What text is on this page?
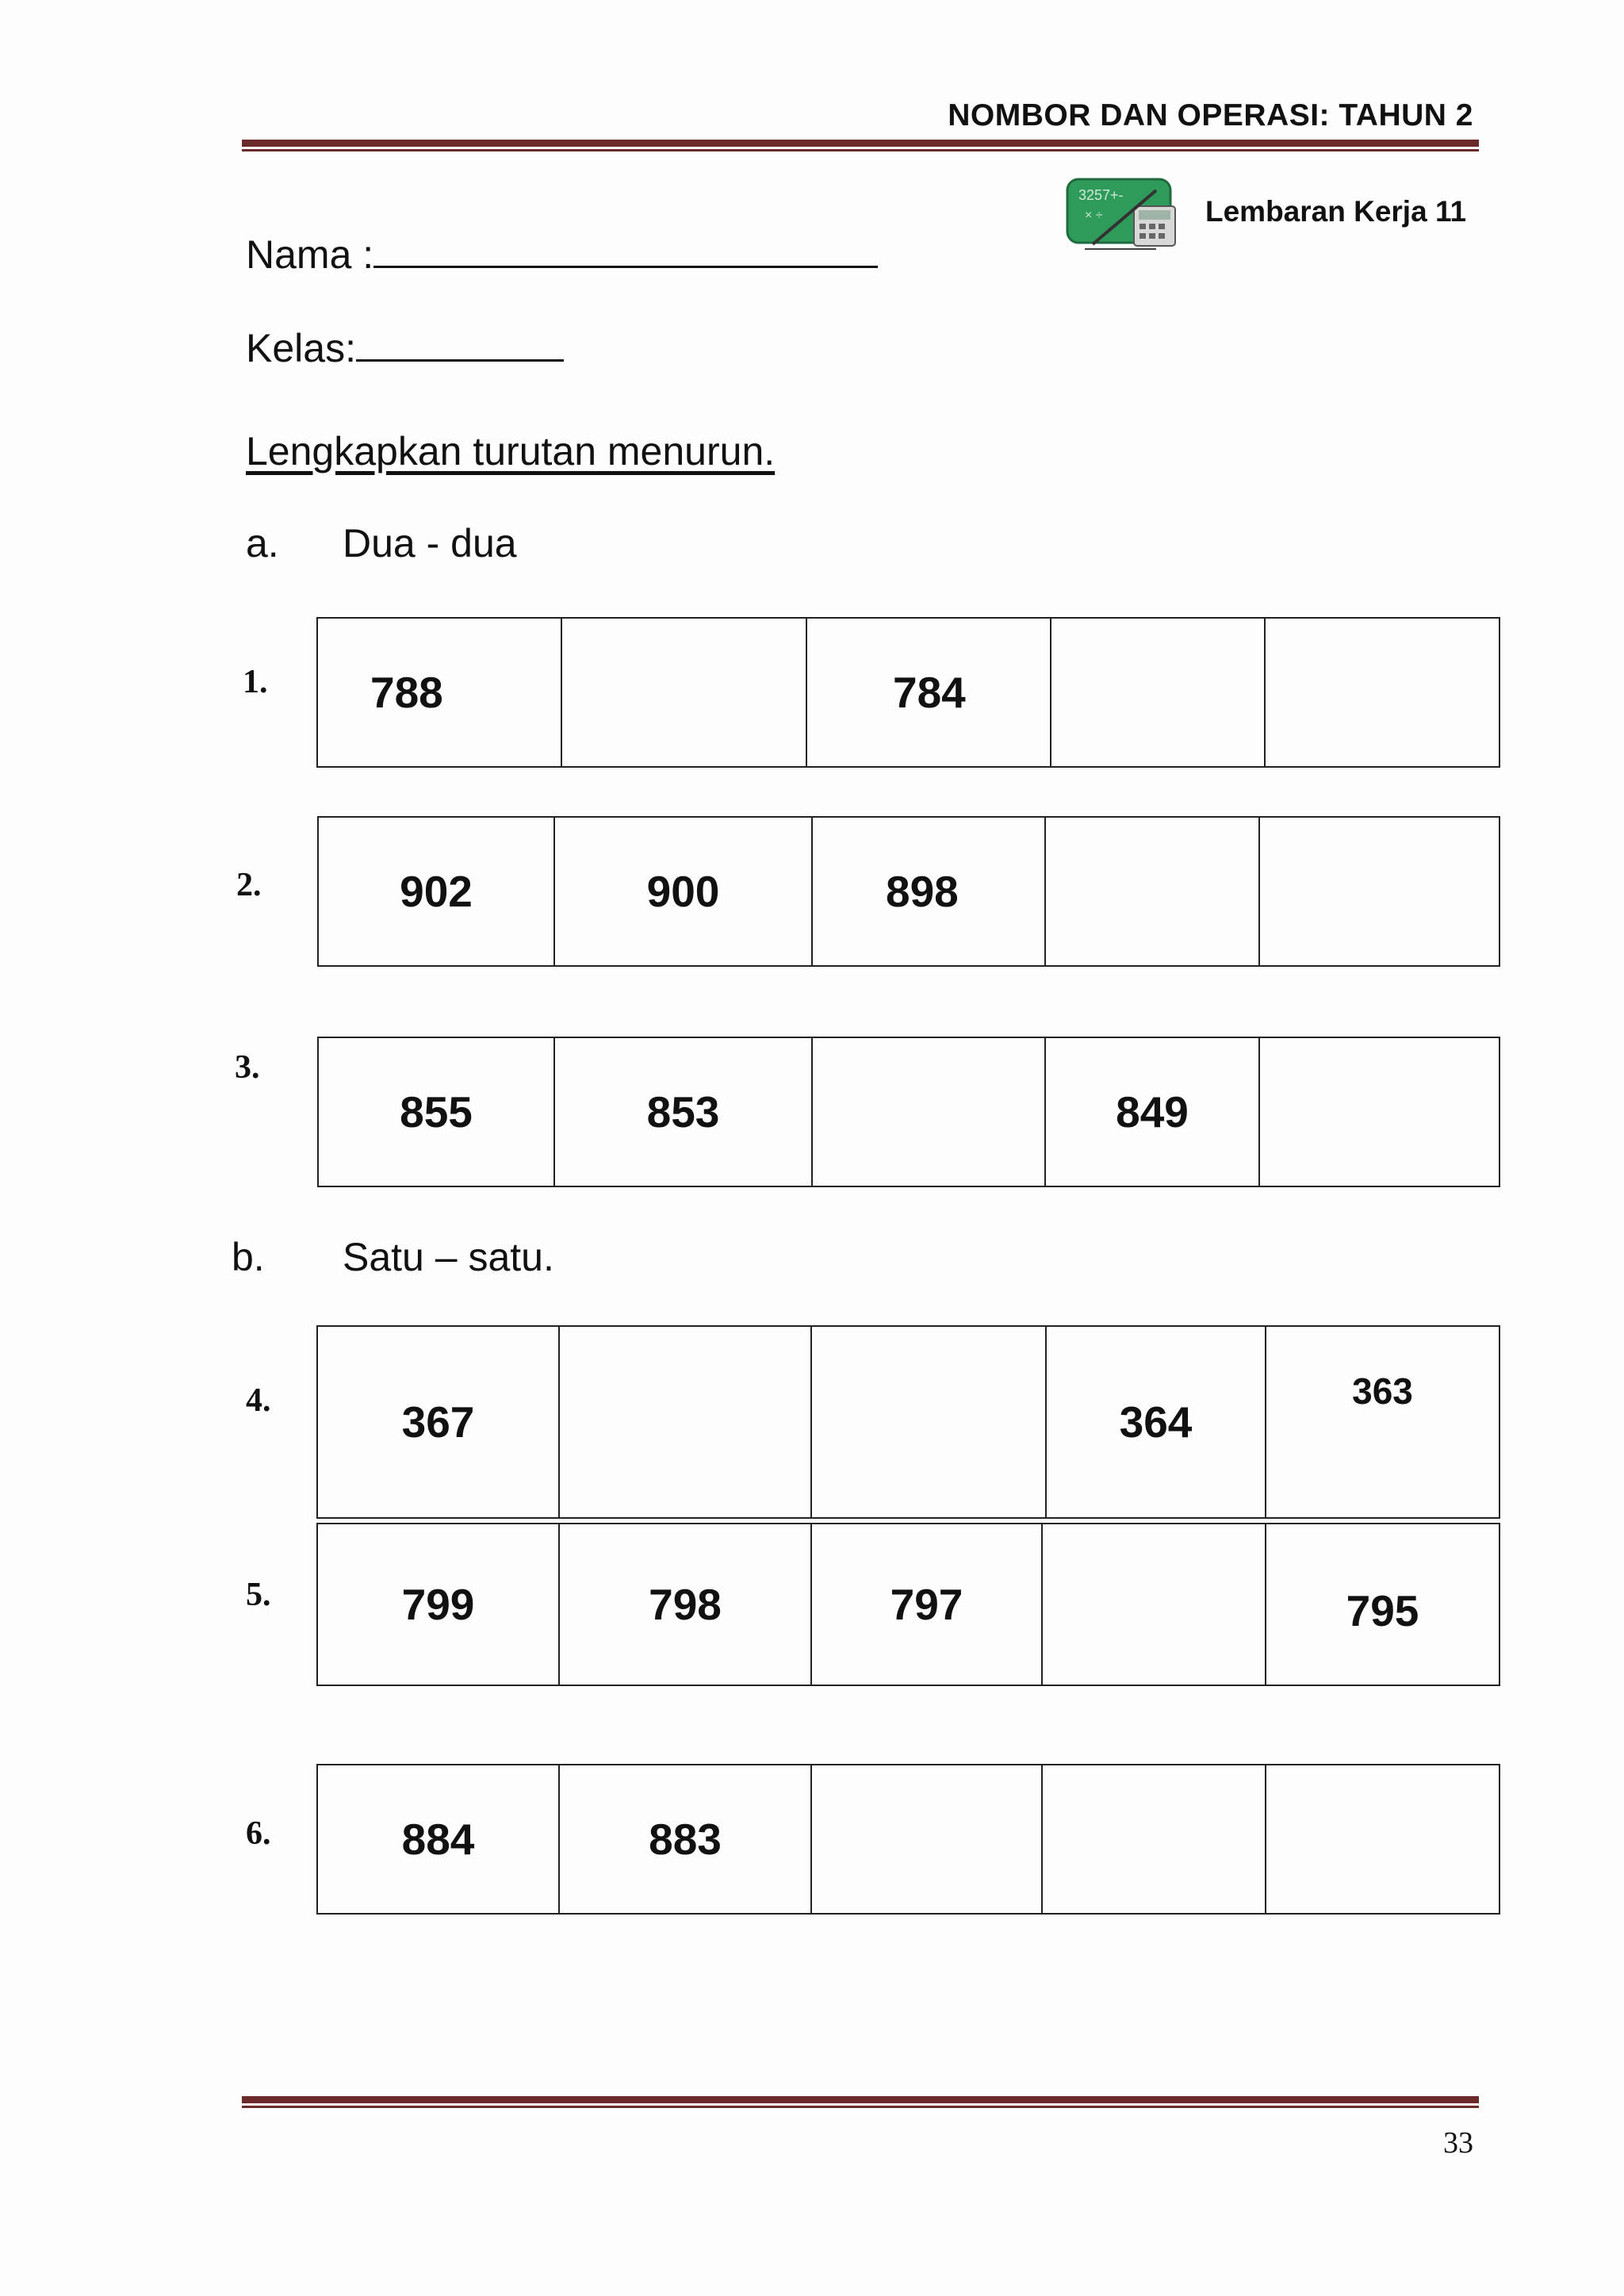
NOMBOR DAN OPERASI: TAHUN 2
3257+-
× ÷	Lembaran Kerja 11
Nama :
Kelas:
Lengkapkan turutan menurun.
a. Dua - dua
1. 788		784		
2.	902	900	898		
3.
855	853		849	
b. Satu – satu.
4.	367			364	363
5.	799	798	797		795
6.	884	883			
33
